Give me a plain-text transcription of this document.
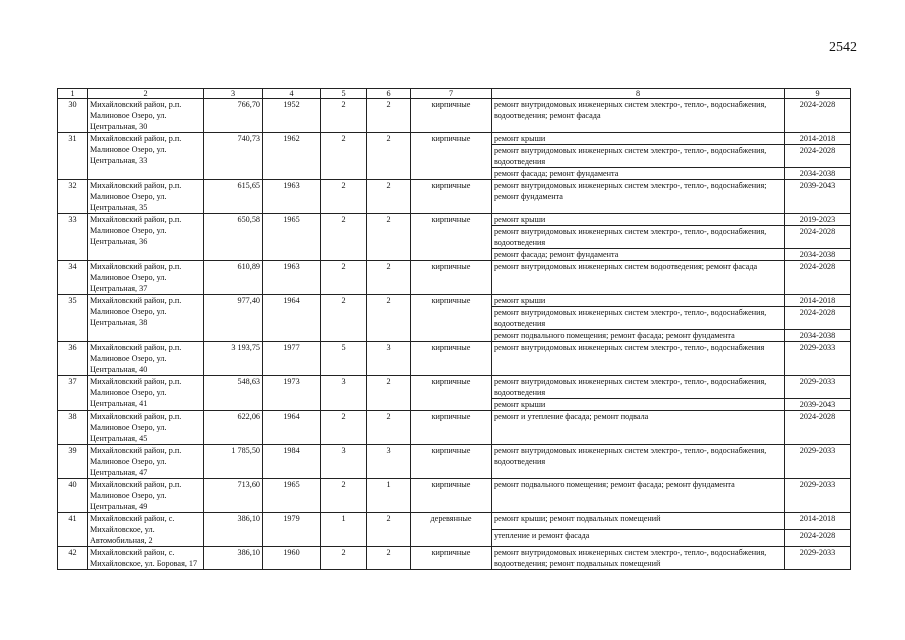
2542
1	2	3	4	5	6	7	8	9
30	Михайловский район, р.п. Малиновое Озеро, ул. Центральная, 30	766,70	1952	2	2	кирпичные	ремонт внутридомовых инженерных систем электро-, тепло-, водоснабжения, водоотведения; ремонт фасада	2024-2028
31	Михайловский район, р.п. Малиновое Озеро, ул. Центральная, 33	740,73	1962	2	2	кирпичные	ремонт крыши	2014-2018
							ремонт внутридомовых инженерных систем электро-, тепло-, водоснабжения, водоотведения	2024-2028
							ремонт фасада; ремонт фундамента	2034-2038
32	Михайловский район, р.п. Малиновое Озеро, ул. Центральная, 35	615,65	1963	2	2	кирпичные	ремонт внутридомовых инженерных систем электро-, тепло-, водоснабжения; ремонт фундамента	2039-2043
33	Михайловский район, р.п. Малиновое Озеро, ул. Центральная, 36	650,58	1965	2	2	кирпичные	ремонт крыши	2019-2023
							ремонт внутридомовых инженерных систем электро-, тепло-, водоснабжения, водоотведения	2024-2028
							ремонт фасада; ремонт фундамента	2034-2038
34	Михайловский район, р.п. Малиновое Озеро, ул. Центральная, 37	610,89	1963	2	2	кирпичные	ремонт внутридомовых инженерных систем водоотведения; ремонт фасада	2024-2028
35	Михайловский район, р.п. Малиновое Озеро, ул. Центральная, 38	977,40	1964	2	2	кирпичные	ремонт крыши	2014-2018
							ремонт внутридомовых инженерных систем электро-, тепло-, водоснабжения, водоотведения	2024-2028
							ремонт подвального помещения; ремонт фасада; ремонт фундамента	2034-2038
36	Михайловский район, р.п. Малиновое Озеро, ул. Центральная, 40	3 193,75	1977	5	3	кирпичные	ремонт внутридомовых инженерных систем электро-, тепло-, водоснабжения	2029-2033
37	Михайловский район, р.п. Малиновое Озеро, ул. Центральная, 41	548,63	1973	3	2	кирпичные	ремонт внутридомовых инженерных систем электро-, тепло-, водоснабжения, водоотведения	2029-2033
							ремонт крыши	2039-2043
38	Михайловский район, р.п. Малиновое Озеро, ул. Центральная, 45	622,06	1964	2	2	кирпичные	ремонт и утепление фасада; ремонт подвала	2024-2028
39	Михайловский район, р.п. Малиновое Озеро, ул. Центральная, 47	1 785,50	1984	3	3	кирпичные	ремонт внутридомовых инженерных систем электро-, тепло-, водоснабжения, водоотведения	2029-2033
40	Михайловский район, р.п. Малиновое Озеро, ул. Центральная, 49	713,60	1965	2	1	кирпичные	ремонт подвального помещения; ремонт фасада; ремонт фундамента	2029-2033
41	Михайловский район, с. Михайловское, ул. Автомобильная, 2	386,10	1979	1	2	деревянные	ремонт крыши; ремонт подвальных помещений	2014-2018
							утепление и ремонт фасада	2024-2028
42	Михайловский район, с. Михайловское, ул. Боровая, 17	386,10	1960	2	2	кирпичные	ремонт внутридомовых инженерных систем электро-, тепло-, водоснабжения, водоотведения; ремонт подвальных помещений	2029-2033
